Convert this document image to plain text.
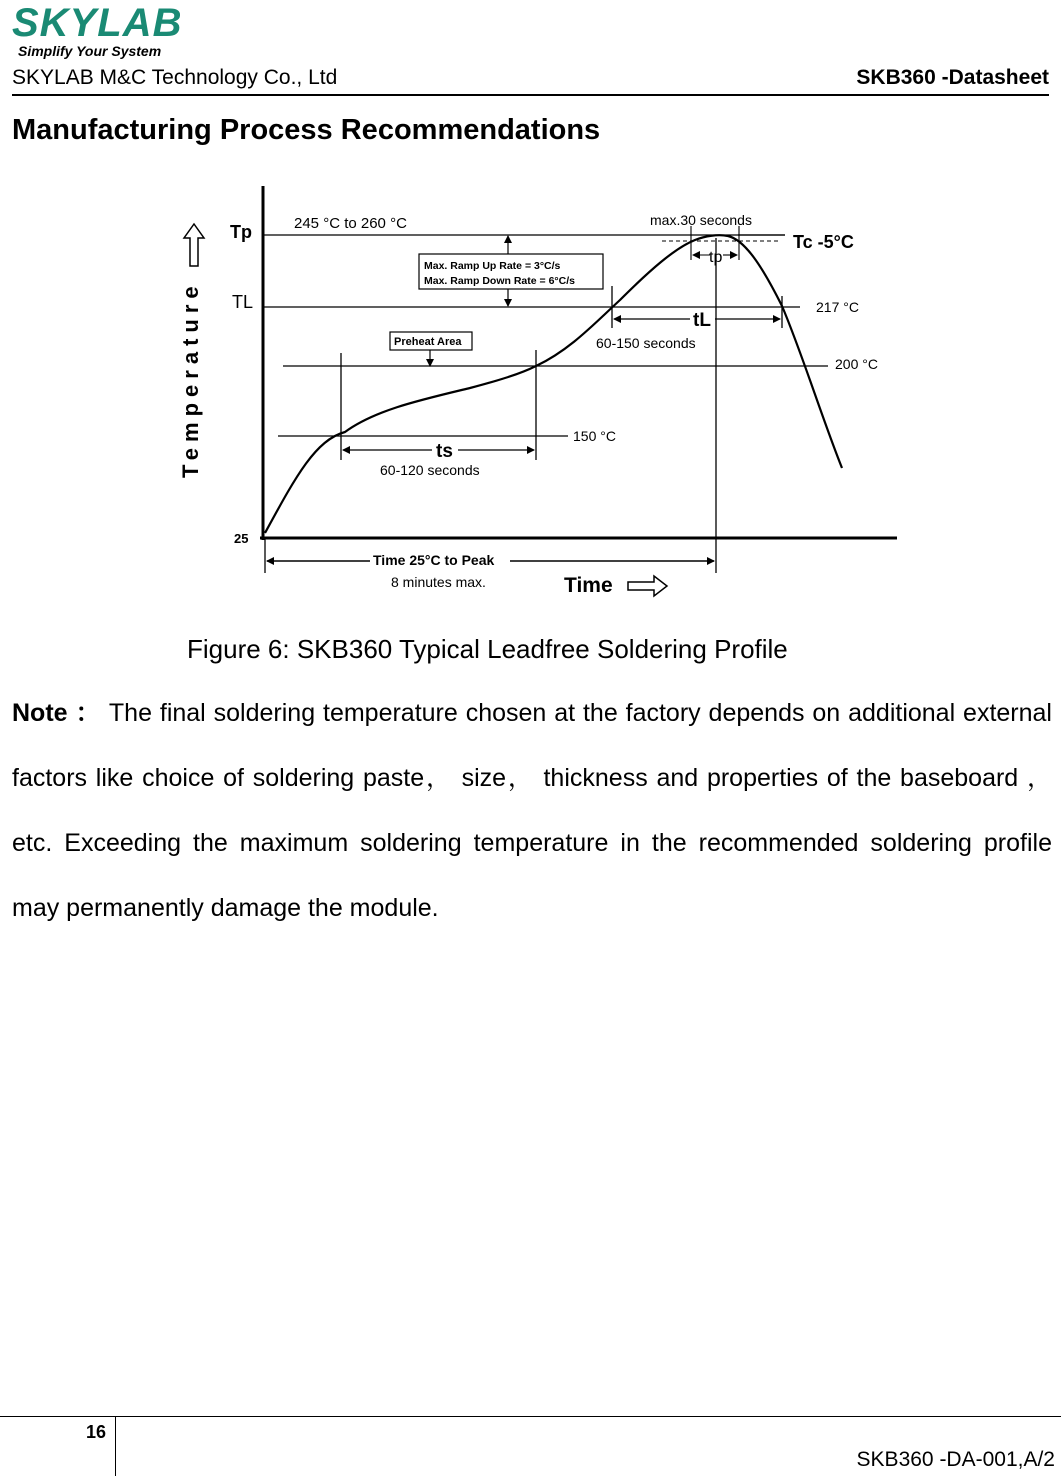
SKYLAB
Simplify Your System
SKYLAB M&C Technology Co., Ltd	SKB360 -Datasheet
Manufacturing Process Recommendations
Temperature
Tp
TL
25
245 °C to 260 °C	max.30 seconds
Tc -5°C
Max. Ramp Up Rate = 3°C/s
Max. Ramp Down Rate = 6°C/s
Preheat Area
tp
217 °C
200 °C
150 °C
tL
60-150 seconds
ts
60-120 seconds
Time 25°C to Peak
8 minutes max.	Time
Figure 6: SKB360 Typical Leadfree Soldering Profile
Note ： The final soldering temperature chosen at the factory depends on additional external factors like choice of soldering paste， size， thickness and properties of the baseboard ， etc. Exceeding the maximum soldering temperature in the recommended soldering profile may permanently damage the module.
16
SKB360 -DA-001,A/2
